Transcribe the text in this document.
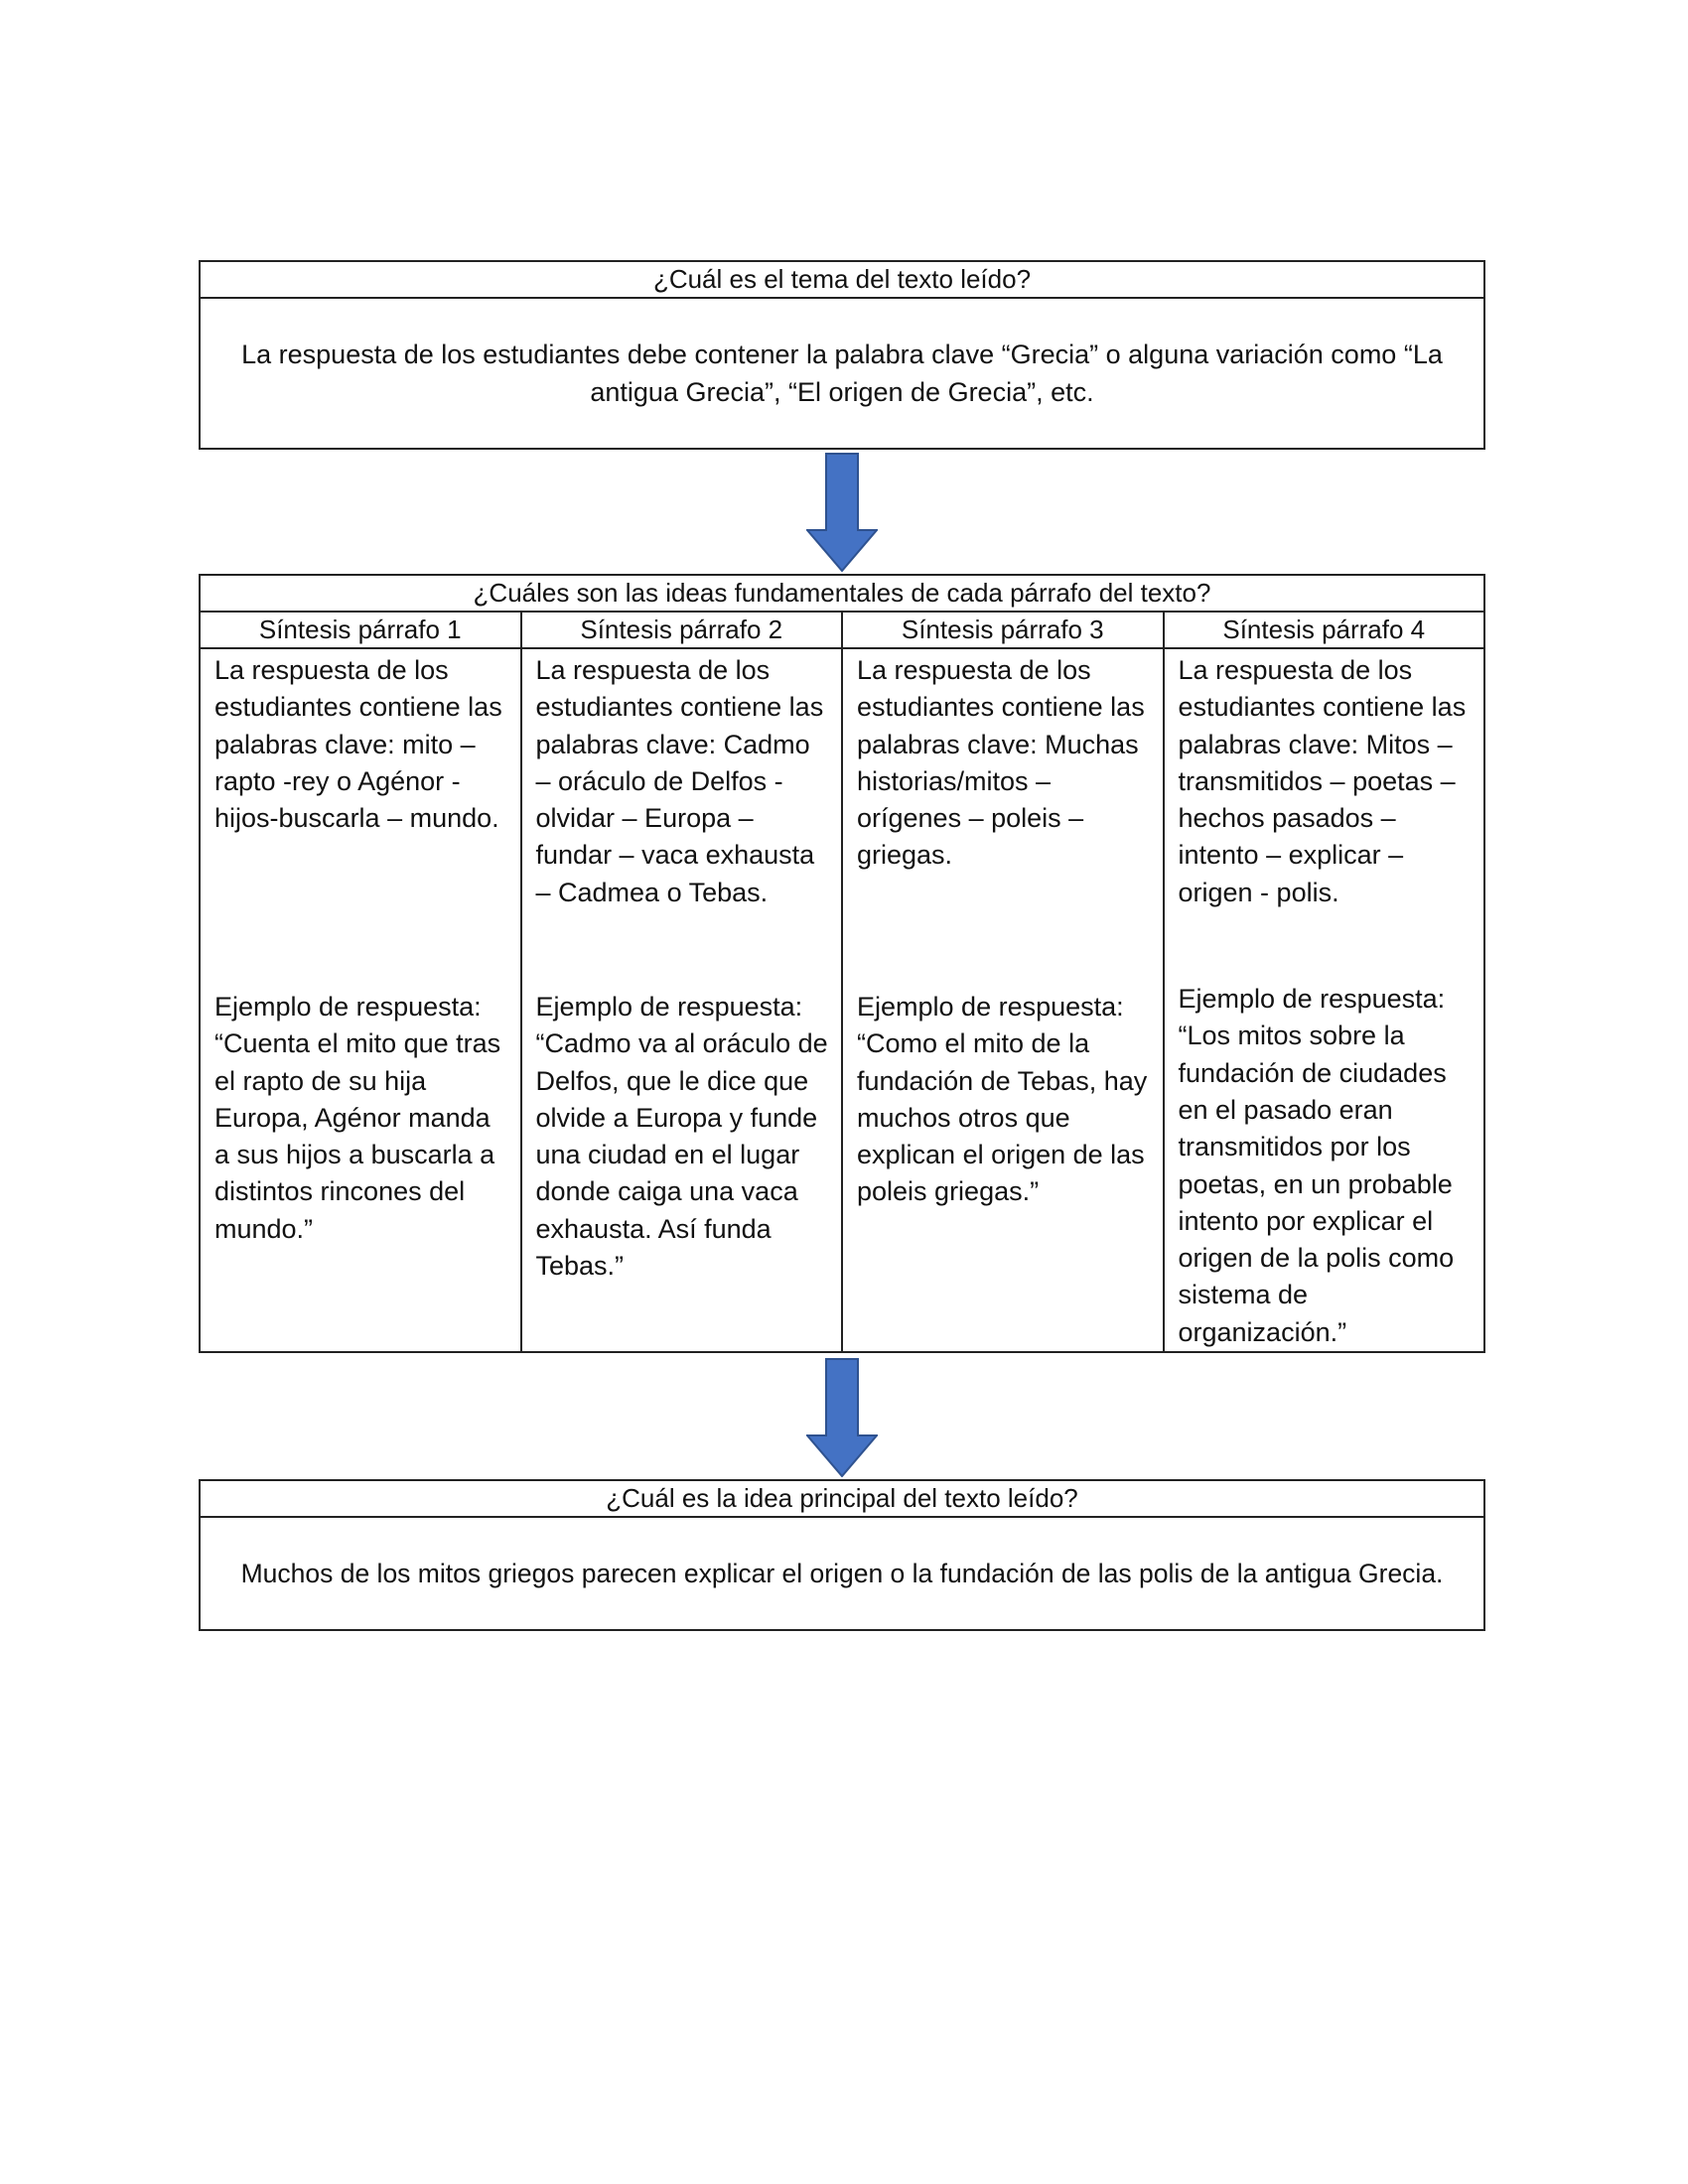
¿Cuál es el tema del texto leído?
La respuesta de los estudiantes debe contener la palabra clave “Grecia” o alguna variación como “La antigua Grecia”, “El origen de Grecia”, etc.
¿Cuáles son las ideas fundamentales de cada párrafo del texto?
Síntesis párrafo 1
La respuesta de los estudiantes contiene las palabras clave: mito – rapto -rey o Agénor -hijos-buscarla – mundo.
Ejemplo de respuesta: “Cuenta el mito que tras el rapto de su hija Europa, Agénor manda a sus hijos a buscarla a distintos rincones del mundo.”
Síntesis párrafo 2
La respuesta de los estudiantes contiene las palabras clave: Cadmo – oráculo de Delfos - olvidar – Europa – fundar – vaca exhausta – Cadmea o Tebas.
Ejemplo de respuesta: “Cadmo va al oráculo de Delfos, que le dice que olvide a Europa y funde una ciudad en el lugar donde caiga una vaca exhausta. Así funda Tebas.”
Síntesis párrafo 3
La respuesta de los estudiantes contiene las palabras clave: Muchas historias/mitos – orígenes – poleis – griegas.
Ejemplo de respuesta: “Como el mito de la fundación de Tebas, hay muchos otros que explican el origen de las poleis griegas.”
Síntesis párrafo 4
La respuesta de los estudiantes contiene las palabras clave: Mitos – transmitidos – poetas – hechos pasados – intento – explicar – origen - polis.
Ejemplo de respuesta: “Los mitos sobre la fundación de ciudades en el pasado eran transmitidos por los poetas, en un probable intento por explicar el origen de la polis como sistema de organización.”
¿Cuál es la idea principal del texto leído?
Muchos de los mitos griegos parecen explicar el origen o la fundación de las polis de la antigua Grecia.
